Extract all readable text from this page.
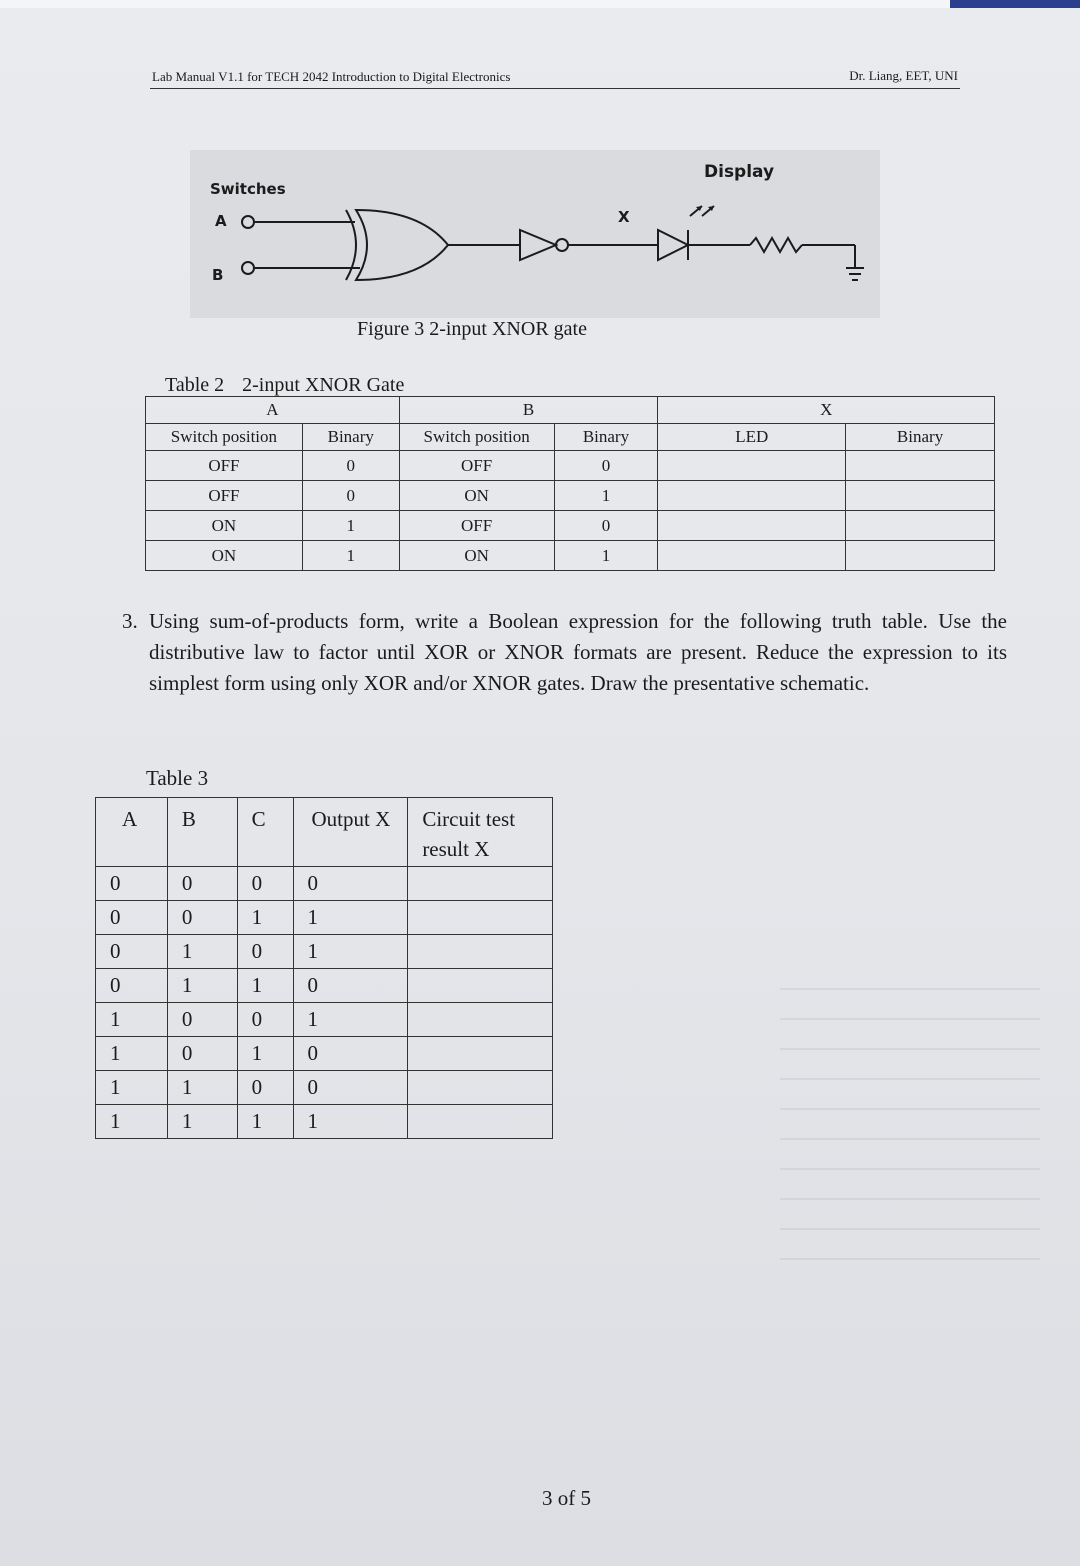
Lab Manual V1.1 for TECH 2042 Introduction to Digital Electronics	Dr. Liang, EET, UNI
Switches
A
B
X
Display
Figure 3 2-input XNOR gate
Table 2 2-input XNOR Gate
A		B		X	
Switch position	Binary	Switch position	Binary	LED	Binary
OFF	0	OFF	0		
OFF	0	ON	1		
ON	1	OFF	0		
ON	1	ON	1		
3. Using sum-of-products form, write a Boolean expression for the following truth table. Use the distributive law to factor until XOR or XNOR formats are present. Reduce the expression to its simplest form using only XOR and/or XNOR gates. Draw the presentative schematic.
Table 3
A	B	C	Output X	Circuit test result X
0	0	0	0	
0	0	1	1	
0	1	0	1	
0	1	1	0	
1	0	0	1	
1	0	1	0	
1	1	0	0	
1	1	1	1	
3 of 5
